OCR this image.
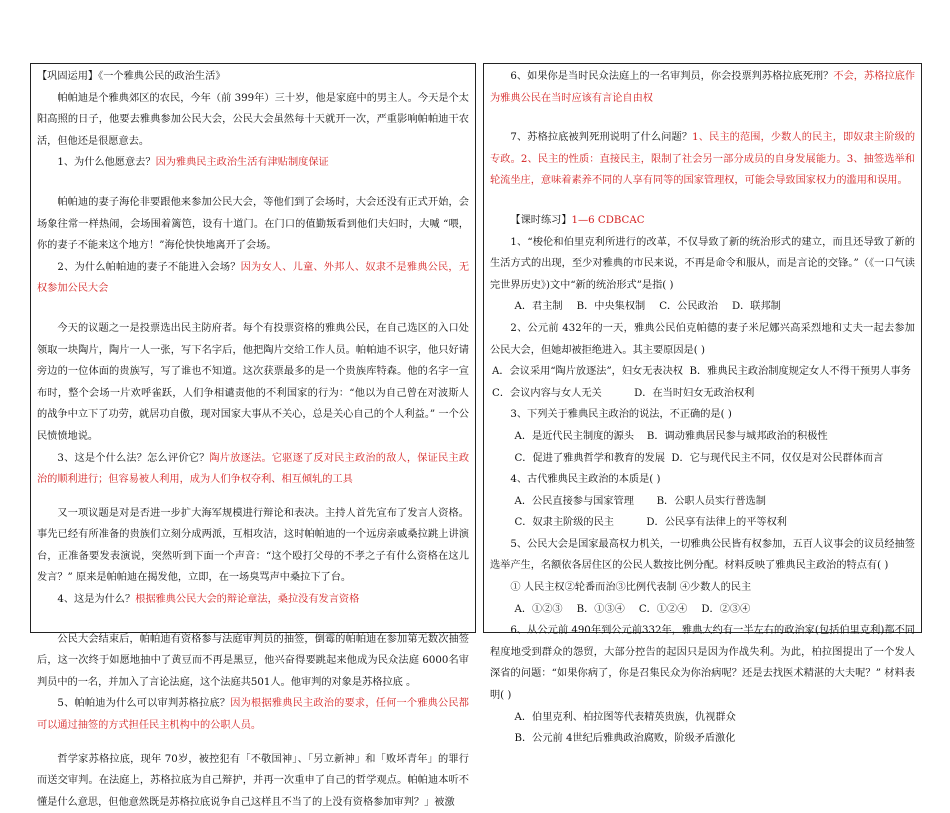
【巩固运用】《一个雅典公民的政治生活》

帕帕迪是个雅典郊区的农民，今年（前 399年）三十岁，他是家庭中的男主人。今天是个太阳高照的日子，他要去雅典参加公民大会，公民大会虽然每十天就开一次，严重影响帕帕迪干农活，但他还是很愿意去。

1、为什么他愿意去？因为雅典民主政治生活有津贴制度保证

帕帕迪的妻子海伦非要跟他来参加公民大会，等他们到了会场时，大会还没有正式开始，会场象往常一样热闹，会场围着篱笆，设有十道门。在门口的值勤叛看到他们夫妇时，大喊 “喂，你的妻子不能来这个地方！”海伦快快地离开了会场。

2、为什么帕帕迪的妻子不能进入会场？因为女人、儿童、外邦人、奴隶不是雅典公民，无权参加公民大会

今天的议题之一是投票选出民主防府者。每个有投票资格的雅典公民，在自己选区的入口处领取一块陶片，陶片一人一张，写下名字后，他把陶片交给工作人员。帕帕迪不识字，他只好请旁边的一位体面的贵族写，写了谁也不知道。这次获票最多的是一个贵族库特森。他的名字一宣布时，整个会场一片欢呼雀跃，人们争相谴责他的不利国家的行为：“他以为自己曾在对波斯人的战争中立下了功劳，就居功自傲，现对国家大事从不关心，总是关心自己的个人利益。” 一个公民愤愤地说。

3、这是个什么法？怎么评价它？陶片放逐法。它驱逐了反对民主政治的敌人，保证民主政治的顺利进行；但容易被人利用，成为人们争权夺利、相互倾轧的工具

又一项议题是对是否进一步扩大海军规模进行辩论和表决。主持人首先宣布了发言人资格。事先已经有所准备的贵族们立刻分成两派，互相攻洁，这时帕帕迪的一个远房亲戚桑拉跳上讲演台，正准备要发表演说，突然听到下面一个声音：“这个殴打父母的不孝之子有什么资格在这儿发言？” 原来是帕帕迪在揭发他，立即，在一场臭骂声中桑拉下了台。

4、这是为什么？根据雅典公民大会的辩论章法，桑拉没有发言资格

公民大会结束后，帕帕迪有资格参与法庭审判员的抽签，倒霉的帕帕迪在参加第无数次抽签后，这一次终于如愿地抽中了黄豆而不再是黑豆，他兴奋得要跳起来他成为民众法庭 6000名审判员中的一名，并加入了言论法庭，这个法庭共501人。他审判的对象是苏格拉底 。

5、帕帕迪为什么可以审判苏格拉底？因为根据雅典民主政治的要求，任何一个雅典公民都可以通过抽签的方式担任民主机构中的公职人员。

哲学家苏格拉底，现年 70岁，被控犯有「不敬国神」、「另立新神」和「败坏青年」的罪行而送交审判。在法庭上，苏格拉底为自己辩护，并再一次重申了自己的哲学观点。帕帕迪本听不懂是什么意思，但他意然既是苏格拉底说争自己这样且不当了的上没有资格参加审判？」被激

6、如果你是当时民众法庭上的一名审判员，你会投票判苏格拉底死刑？不会，苏格拉底作为雅典公民在当时应该有言论自由权

7、苏格拉底被判死刑说明了什么问题？1、民主的范围，少数人的民主，即奴隶主阶级的专政。2、民主的性质：直接民主，限制了社会另一部分成员的自身发展能力。3、抽签选举和轮流坐庄，意味着素养不同的人享有同等的国家管理权，可能会导致国家权力的滥用和误用。

【课时练习】1—6 CDBCAC

1、“梭伦和伯里克利所进行的改革，不仅导致了新的统治形式的建立，而且还导致了新的生活方式的出现，至少对雅典的市民来说，不再是命令和服从，而是言论的交锋。”（《一口气读完世界历史》)文中“新的统治形式”是指( )

A．君主制 B．中央集权制 C．公民政治 D．联邦制

2、公元前 432年的一天，雅典公民伯克帕德的妻子米尼娜兴高采烈地和丈夫一起去参加公民大会，但她却被拒绝进入。其主要原因是( )

A．会议采用“陶片放逐法”，妇女无表决权 B．雅典民主政治制度规定女人不得干预男人事务
C．会议内容与女人无关	D．在当时妇女无政治权利

3、下列关于雅典民主政治的说法，不正确的是( )

A．是近代民主制度的源头 B．调动雅典居民参与城邦政治的积极性
C．促进了雅典哲学和教育的发展 D．它与现代民主不同，仅仅是对公民群体而言

4、古代雅典民主政治的本质是( )

A．公民直接参与国家管理 B．公职人员实行普选制
C．奴隶主阶级的民主	D．公民享有法律上的平等权利

5、公民大会是国家最高权力机关，一切雅典公民皆有权参加，五百人议事会的议员经抽签选举产生，名额依各居住区的公民人数按比例分配。材料反映了雅典民主政治的特点有( )

① 人民主权②轮番而治③比例代表制 ④少数人的民主

A．①②③ B．①③④ C．①②④ D．②③④

6、从公元前 490年到公元前332年，雅典大约有一半左右的政治家(包括伯里克利)都不同程度地受到群众的怨贸，大部分控告的起因只是因为作战失利。为此，柏拉图提出了一个发人深省的问题：“如果你病了，你是召集民众为你治病呢？还是去找医术精湛的大夫呢？” 材料表明( )

A．伯里克利、柏拉图等代表精英贵族，仇视群众
B．公元前 4世纪后雅典政治腐败，阶级矛盾激化
